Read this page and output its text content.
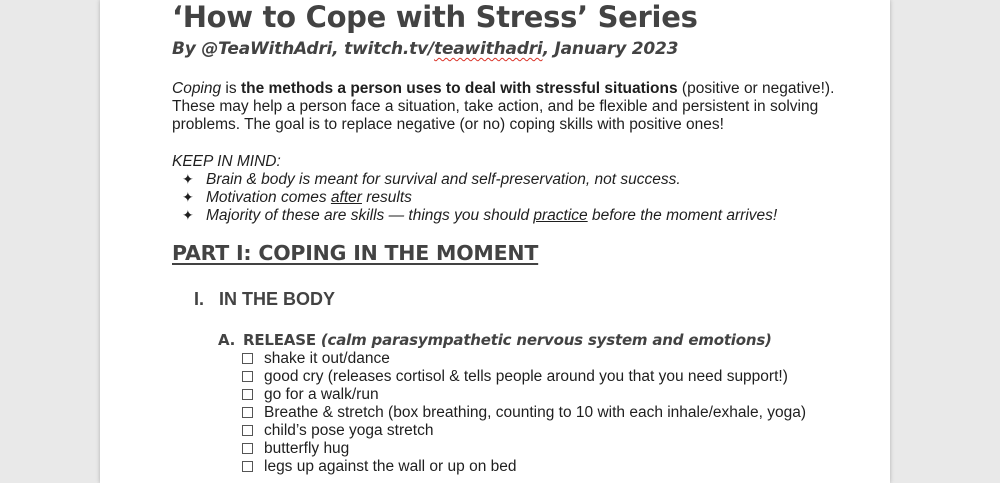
‘How to Cope with Stress’ Series
By @TeaWithAdri, twitch.tv/teawithadri, January 2023

Coping is the methods a person uses to deal with stressful situations (positive or negative!).

These may help a person face a situation, take action, and be flexible and persistent in solving

problems. The goal is to replace negative (or no) coping skills with positive ones!

KEEP IN MIND:
✦ Brain & body is meant for survival and self-preservation, not success.
✦ Motivation comes after results
✦ Majority of these are skills — things you should practice before the moment arrives!
PART I: COPING IN THE MOMENT
I. IN THE BODY
A. RELEASE (calm parasympathetic nervous system and emotions)
shake it out/dance
good cry (releases cortisol & tells people around you that you need support!)
go for a walk/run
Breathe & stretch (box breathing, counting to 10 with each inhale/exhale, yoga)
child’s pose yoga stretch
butterfly hug
legs up against the wall or up on bed
